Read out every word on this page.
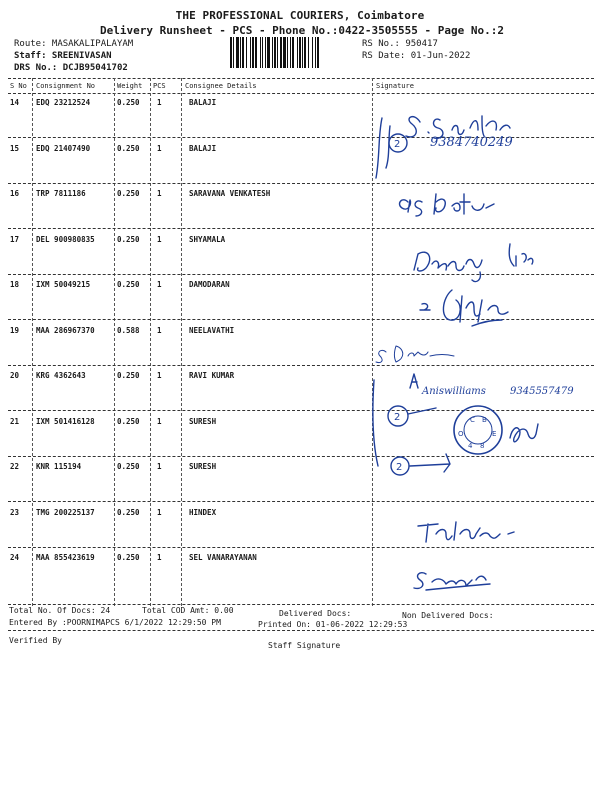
THE PROFESSIONAL COURIERS, Coimbatore
Delivery Runsheet - PCS - Phone No.:0422-3505555 - Page No.:2
Route: MASAKALIPALAYAM
Staff: SREENIVASAN
DRS No.: DCJB95041702
RS No.: 950417
RS Date: 01-Jun-2022
S No Consignment No	Weight PCS	Consignee Details	Signature
14 EDQ 23212524	0.250 1	BALAJI
15 EDQ 21407490	0.250 1	BALAJI
16 TRP 7811186	0.250 1	SARAVANA VENKATESH
17 DEL 900980835	0.250 1	SHYAMALA
18 IXM 50049215	0.250 1	DAMODARAN
19 MAA 286967370	0.588 1	NEELAVATHI
20 KRG 4362643	0.250 1	RAVI KUMAR
21 IXM 501416128	0.250 1	SURESH
22 KNR 115194	0.250 1	SURESH
23 TMG 200225137	0.250 1	HINDEX
24 MAA 855423619	0.250 1	SEL VANARAYANAN
2
Aniswilliams 9345557479
2	C B
O	E
4 8
2
9384740249
Total No. Of Docs: 24	Total COD Amt: 0.00	Delivered Docs:	Non Delivered Docs:
Entered By :POORNIMAPCS 6/1/2022 12:29:50 PM	Printed On: 01-06-2022 12:29:53
Verified By
Staff Signature
